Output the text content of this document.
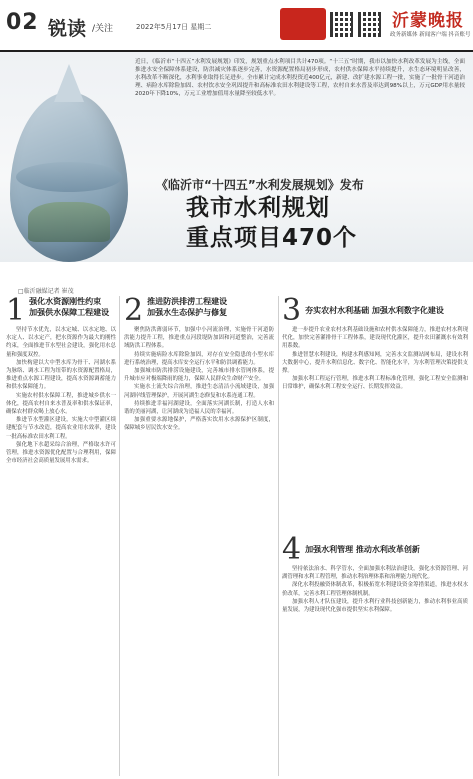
02 锐读 /关注	2022年5月17日 星期二	沂蒙晚报
政务新媒体 新闻客户端 抖音账号
近日，《临沂市“十四五”水利发展规划》印发，规划重点水利项目共计470项。“十三五”时期，我市以加快水利改革发展为主线，全面推进水安全保障体系建设，防洪减灾体系逐步完善，水资源配置格局初步形成，农村供水保障水平持续提升，水生态环境明显改善，水利改革不断深化，水利事业取得长足进步。全市累计完成水利投资近400亿元，新建、改扩建水源工程一批，实施了一批骨干河道治理、病险水库除险加固、农村饮水安全巩固提升和高标准农田水利建设等工程，农村自来水普及率达到98%以上，万元GDP用水量较2020年下降10%，万元工业增加值用水量降至较低水平。
《临沂市“十四五”水利发展规划》发布
我市水利规划
重点项目470个
□临沂融媒记者 崔茂
1 强化水资源刚性约束
加强供水保障工程建设

坚持节水优先，以水定城、以水定地、以水定人、以水定产，把水资源作为最大的刚性约束，全面推进节水型社会建设，强化用水总量和强度双控。

加快构建以大中型水库为骨干、河湖水系为脉络、调水工程为纽带的水资源配置格局，推进重点水源工程建设，提高水资源调蓄能力和供水保障能力。

实施农村供水保障工程，推进城乡供水一体化，提高农村自来水普及率和供水保证率，确保农村群众喝上放心水。

推进节水型灌区建设，实施大中型灌区续建配套与节水改造，提高农业用水效率，建设一批高标准农田水利工程。

强化地下水超采综合治理，严格取水许可管理，推进水资源优化配置与合理利用，保障全市经济社会高质量发展用水需求。

2 推进防洪排涝工程建设
加强水生态保护与修复

聚焦防洪薄弱环节，加强中小河流治理，实施骨干河道防洪能力提升工程，推进重点河段堤防加固和河道整治，完善流域防洪工程体系。

持续实施病险水库除险加固，对存在安全隐患的小型水库进行系统治理，提高水库安全运行水平和防洪调蓄能力。

加强城市防洪排涝设施建设，完善城市排水管网体系，提升城市应对极端降雨的能力，保障人民群众生命财产安全。

实施水土流失综合治理，推进生态清洁小流域建设，加强河湖岸线管理保护，开展河湖生态修复和水系连通工程。

持续推进幸福河湖建设，全面落实河湖长制，打造人水和谐的美丽河湖，让河湖成为造福人民的幸福河。

加强重要水源地保护，严格落实饮用水水源保护区制度，保障城乡居民饮水安全。

3 夯实农村水利基础 加强水利数字化建设

进一步提升农业农村水利基础设施和农村供水保障能力，推进农村水利现代化，加快完善灌排骨干工程体系，建设现代化灌区，提升农田灌溉水有效利用系数。

推进智慧水利建设，构建水利感知网，完善水文监测站网布局，建设水利大数据中心，提升水利信息化、数字化、智能化水平，为水利管理决策提供支撑。

加强水利工程运行管理，推进水利工程标准化管理，强化工程安全监测和日常维护，确保水利工程安全运行、长期发挥效益。

4 加强水利管理 推动水利改革创新

坚持依法治水、科学管水，全面加强水利法治建设，强化水资源管理、河湖管理和水利工程管理，推动水利治理体系和治理能力现代化。

深化水利投融资体制改革，积极拓宽水利建设资金筹措渠道，推进水权水价改革，完善水利工程管理体制机制。

加强水利人才队伍建设，提升水利行业科技创新能力，推动水利事业高质量发展，为建设现代化强市提供坚实水利保障。
